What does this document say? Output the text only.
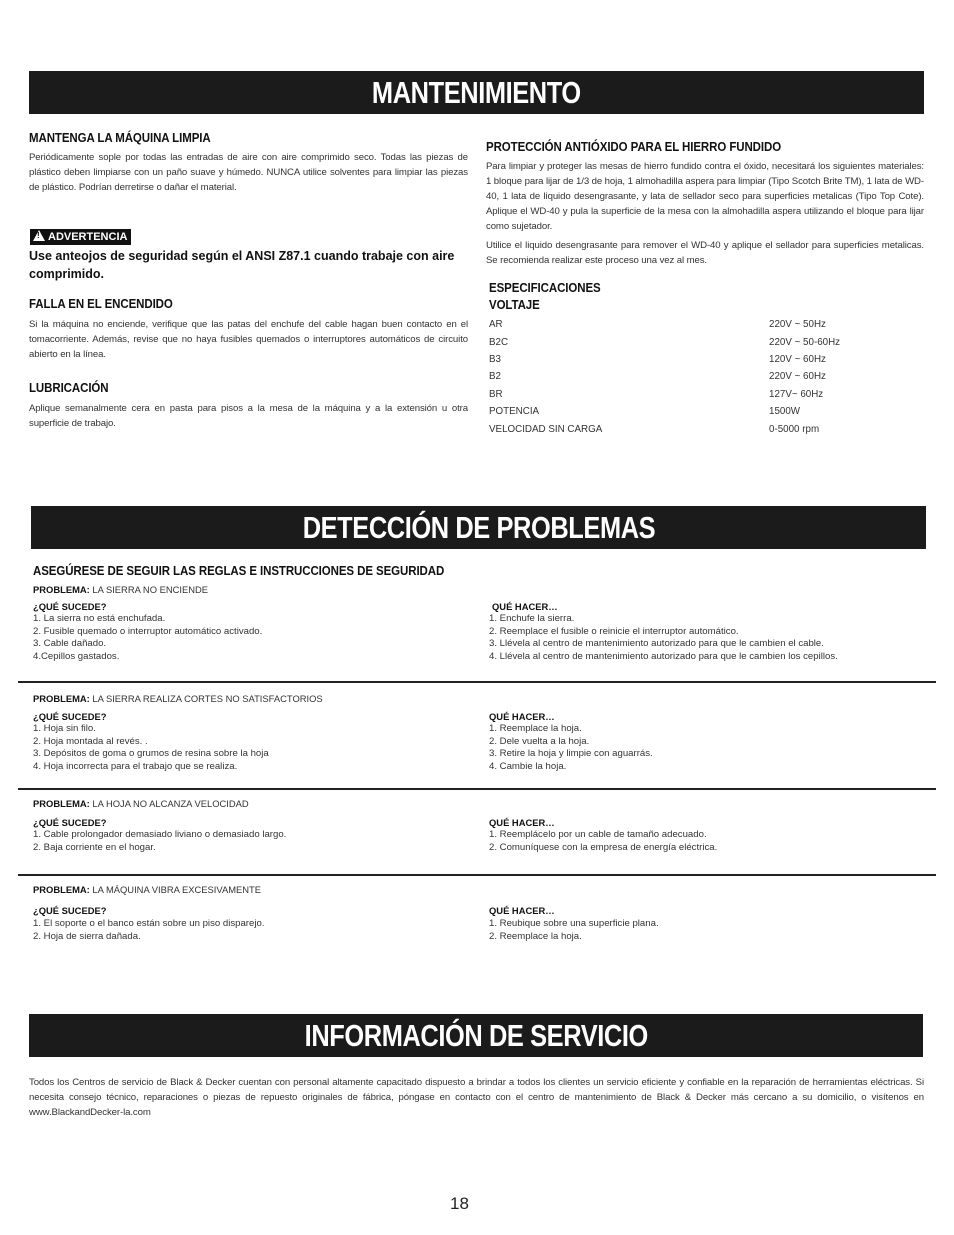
MANTENIMIENTO
MANTENGA LA MÁQUINA LIMPIA
Periódicamente sople por todas las entradas de aire con aire comprimido seco. Todas las piezas de plástico deben limpiarse con un paño suave y húmedo. NUNCA utilice solventes para limpiar las piezas de plástico. Podrían derretirse o dañar el material.
!ADVERTENCIA
Use anteojos de seguridad según el ANSI Z87.1 cuando trabaje con aire comprimido.
FALLA EN EL ENCENDIDO
Si la máquina no enciende, verifique que las patas del enchufe del cable hagan buen contacto en el tomacorriente. Además, revise que no haya fusibles quemados o interruptores automáticos de circuito abierto en la línea.
LUBRICACIÓN
Aplique semanalmente cera en pasta para pisos a la mesa de la máquina y a la extensión u otra superficie de trabajo.
PROTECCIÓN ANTIÓXIDO PARA EL HIERRO FUNDIDO
Para limpiar y proteger las mesas de hierro fundido contra el óxido, necesitará los siguientes materiales: 1 bloque para lijar de 1/3 de hoja, 1 almohadilla aspera para limpiar (Tipo Scotch Brite TM), 1 lata de WD-40, 1 lata de liquido desengrasante, y lata de sellador seco para superficies metalicas (Tipo Top Cote). Aplique el WD-40 y pula la superficie de la mesa con la almohadilla aspera utilizando el bloque para lijar como sujetador.
Utilice el liquido desengrasante para remover el WD-40 y aplique el sellador para superficies metalicas. Se recomienda realizar este proceso una vez al mes.
ESPECIFICACIONES
VOLTAJE
AR	220V ~ 50Hz
B2C	220V ~ 50-60Hz
B3	120V ~ 60Hz
B2	220V ~ 60Hz
BR	127V~ 60Hz
POTENCIA	1500W
VELOCIDAD SIN CARGA	0-5000 rpm
DETECCIÓN DE PROBLEMAS
ASEGÚRESE DE SEGUIR LAS REGLAS E INSTRUCCIONES DE SEGURIDAD
PROBLEMA: LA SIERRA NO ENCIENDE
¿QUÉ SUCEDE?
1. La sierra no está enchufada.
2. Fusible quemado o interruptor automático activado.
3. Cable dañado.
4.Cepillos gastados.
QUÉ HACER…
1. Enchufe la sierra.
2. Reemplace el fusible o reinicie el interruptor automático.
3. Llévela al centro de mantenimiento autorizado para que le cambien el cable.
4. Llévela al centro de mantenimiento autorizado para que le cambien los cepillos.
PROBLEMA: LA SIERRA REALIZA CORTES NO SATISFACTORIOS
¿QUÉ SUCEDE?
1. Hoja sin filo.
2. Hoja montada al revés. .
3. Depósitos de goma o grumos de resina sobre la hoja
4. Hoja incorrecta para el trabajo que se realiza.
QUÉ HACER…
1. Reemplace la hoja.
2. Dele vuelta a la hoja.
3. Retire la hoja y limpie con aguarrás.
4. Cambie la hoja.
PROBLEMA: LA HOJA NO ALCANZA VELOCIDAD
¿QUÉ SUCEDE?
1. Cable prolongador demasiado liviano o demasiado largo.
2. Baja corriente en el hogar.
QUÉ HACER…
1. Reemplácelo por un cable de tamaño adecuado.
2. Comuníquese con la empresa de energía eléctrica.
PROBLEMA: LA MÁQUINA VIBRA EXCESIVAMENTE
¿QUÉ SUCEDE?
1. El soporte o el banco están sobre un piso disparejo.
2. Hoja de sierra dañada.
QUÉ HACER…
1. Reubique sobre una superficie plana.
2. Reemplace la hoja.
INFORMACIÓN DE SERVICIO
Todos los Centros de servicio de Black & Decker cuentan con personal altamente capacitado dispuesto a brindar a todos los clientes un servicio eficiente y confiable en la reparación de herramientas eléctricas. Si necesita consejo técnico, reparaciones o piezas de repuesto originales de fábrica, póngase en contacto con el centro de mantenimiento de Black & Decker más cercano a su domicilio, o visítenos en www.BlackandDecker-la.com
18
